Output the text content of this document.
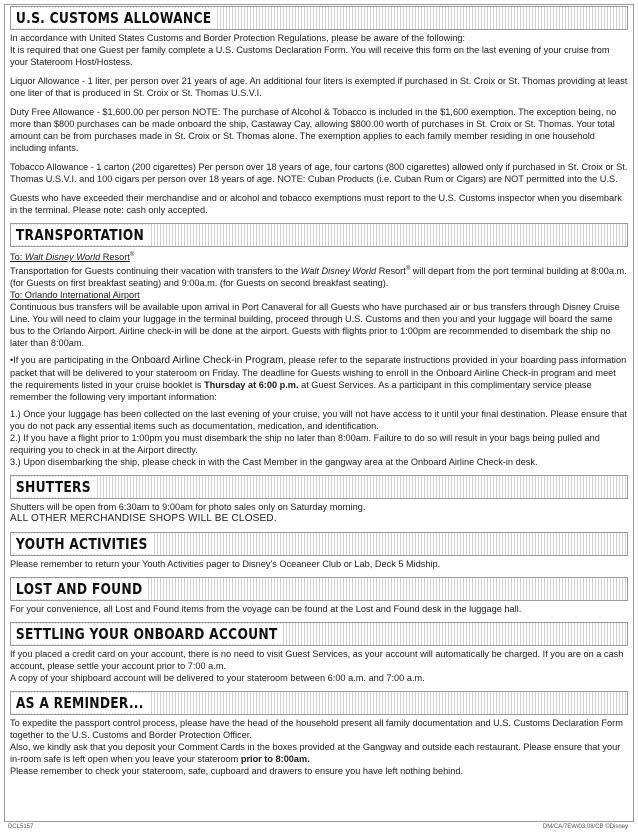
U.S. CUSTOMS ALLOWANCE

In accordance with United States Customs and Border Protection Regulations, please be aware of the following:

It is required that one Guest per family complete a U.S. Customs Declaration Form. You will receive this form on the last evening of your cruise from your Stateroom Host/Hostess.

Liquor Allowance - 1 liter, per person over 21 years of age. An additional four liters is exempted if purchased in St. Croix or St. Thomas providing at least one liter of that is produced in St. Croix or St. Thomas U.S.V.I.

Duty Free Allowance - $1,600.00 per person NOTE: The purchase of Alcohol & Tobacco is included in the $1,600 exemption. The exception being, no more than $800 purchases can be made onboard the ship, Castaway Cay, allowing $800.00 worth of purchases in St. Croix or St. Thomas. Your total amount can be from purchases made in St. Croix or St. Thomas alone. The exemption applies to each family member residing in one household including infants.

Tobacco Allowance - 1 carton (200 cigarettes) Per person over 18 years of age, four cartons (800 cigarettes) allowed only if purchased in St. Croix or St. Thomas U.S.V.I. and 100 cigars per person over 18 years of age. NOTE: Cuban Products (i.e. Cuban Rum or Cigars) are NOT permitted into the U.S.

Guests who have exceeded their merchandise and or alcohol and tobacco exemptions must report to the U.S. Customs inspector when you disembark in the terminal. Please note: cash only accepted.

TRANSPORTATION

To: Walt Disney World Resort®

Transportation for Guests continuing their vacation with transfers to the Walt Disney World Resort® will depart from the port terminal building at 8:00a.m. (for Guests on first breakfast seating) and 9:00a.m. (for Guests on second breakfast seating).

To: Orlando International Airport

Continuous bus transfers will be available upon arrival in Port Canaveral for all Guests who have purchased air or bus transfers through Disney Cruise Line. You will need to claim your luggage in the terminal building, proceed through U.S. Customs and then you and your luggage will board the same bus to the Orlando Airport. Airline check-in will be done at the airport. Guests with flights prior to 1:00pm are recommended to disembark the ship no later than 8:00am.

•If you are participating in the Onboard Airline Check-in Program, please refer to the separate instructions provided in your boarding pass information packet that will be delivered to your stateroom on Friday. The deadline for Guests wishing to enroll in the Onboard Airline Check-in program and meet the requirements listed in your cruise booklet is Thursday at 6:00 p.m. at Guest Services. As a participant in this complimentary service please remember the following very important information:

1.) Once your luggage has been collected on the last evening of your cruise, you will not have access to it until your final destination. Please ensure that you do not pack any essential items such as documentation, medication, and identification.

2.) If you have a flight prior to 1:00pm you must disembark the ship no later than 8:00am. Failure to do so will result in your bags being pulled and requiring you to check in at the Airport directly.

3.) Upon disembarking the ship, please check in with the Cast Member in the gangway area at the Onboard Airline Check-in desk.

SHUTTERS

Shutters will be open from 6:30am to 9:00am for photo sales only on Saturday morning.

ALL OTHER MERCHANDISE SHOPS WILL BE CLOSED.

YOUTH ACTIVITIES

Please remember to return your Youth Activities pager to Disney's Oceaneer Club or Lab, Deck 5 Midship.

LOST AND FOUND

For your convenience, all Lost and Found items from the voyage can be found at the Lost and Found desk in the luggage hall.

SETTLING YOUR ONBOARD ACCOUNT

If you placed a credit card on your account, there is no need to visit Guest Services, as your account will automatically be charged. If you are on a cash account, please settle your account prior to 7:00 a.m.

A copy of your shipboard account will be delivered to your stateroom between 6:00 a.m. and 7:00 a.m.

AS A REMINDER...

To expedite the passport control process, please have the head of the household present all family documentation and U.S. Customs Declaration Form together to the U.S. Customs and Border Protection Officer.

Also, we kindly ask that you deposit your Comment Cards in the boxes provided at the Gangway and outside each restaurant. Please ensure that your in-room safe is left open when you leave your stateroom prior to 8:00am.

Please remember to check your stateroom, safe, cupboard and drawers to ensure you have left nothing behind.

DCL5157	DM/CA/7EW/03.08/CB ©Disney
